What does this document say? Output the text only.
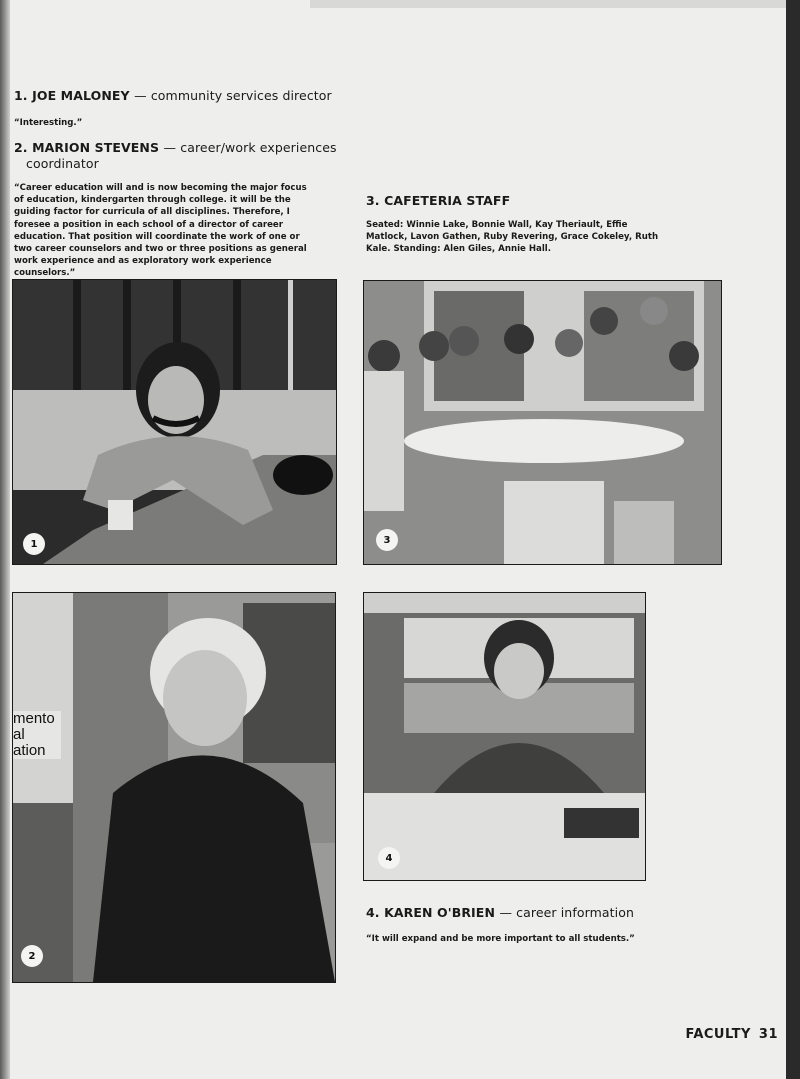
1. JOE MALONEY — community services director
“Interesting.”
2. MARION STEVENS — career/work experiences
coordinator
“Career education will and is now becoming the major focus of education, kindergarten through college. it will be the guiding factor for curricula of all disciplines. Therefore, I foresee a position in each school of a director of career education. That position will coordinate the work of one or two career counselors and two or three positions as general work experience and as exploratory work experience counselors.”
3. CAFETERIA STAFF
Seated: Winnie Lake, Bonnie Wall, Kay Theriault, Effie Matlock, Lavon Gathen, Ruby Revering, Grace Cokeley, Ruth Kale. Standing: Alen Giles, Annie Hall.
1	3
mento
al
ation
2
4
4. KAREN O'BRIEN — career information
“It will expand and be more important to all students.”
FACULTY 31
